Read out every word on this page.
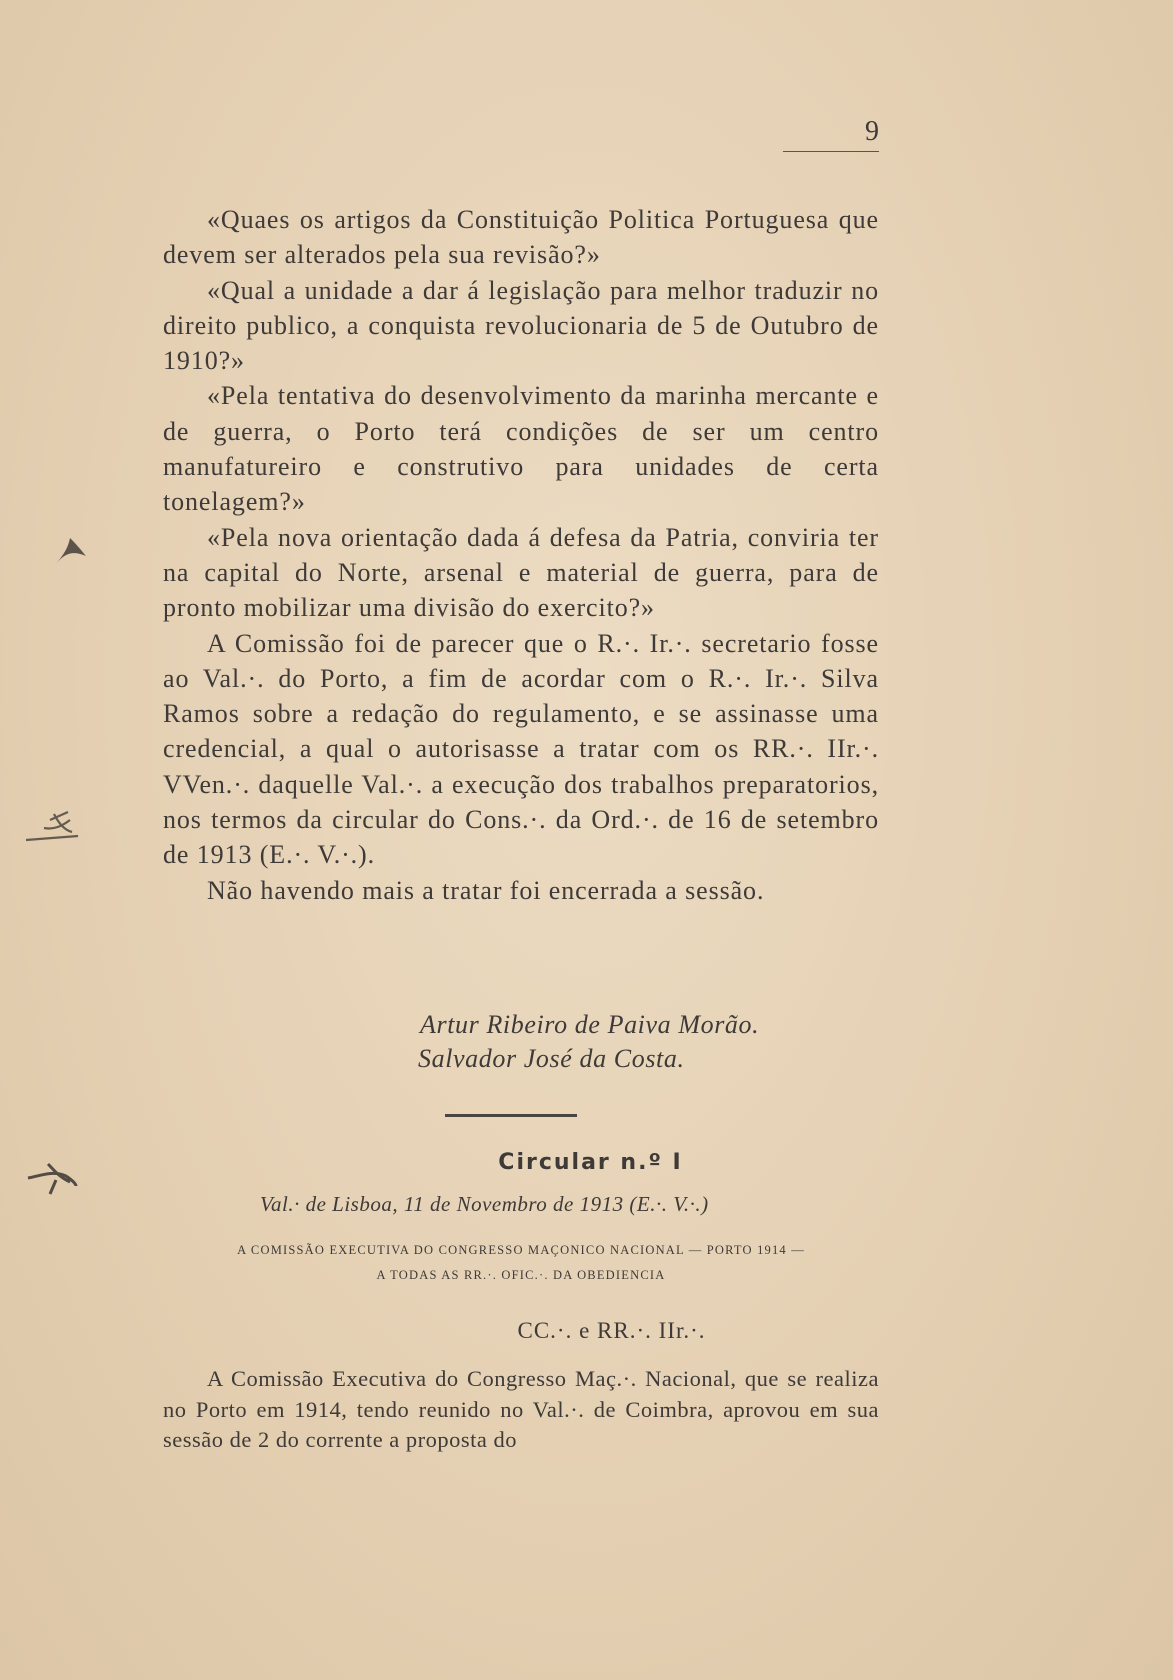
9

«Quaes os artigos da Constituição Politica Portuguesa que devem ser alterados pela sua revisão?»

«Qual a unidade a dar á legislação para melhor traduzir no direito publico, a conquista revolucionaria de 5 de Outubro de 1910?»

«Pela tentativa do desenvolvimento da marinha mercante e de guerra, o Porto terá condições de ser um centro manufatureiro e construtivo para unidades de certa tonelagem?»

«Pela nova orientação dada á defesa da Patria, conviria ter na capital do Norte, arsenal e material de guerra, para de pronto mobilizar uma divisão do exercito?»

A Comissão foi de parecer que o R.·. Ir.·. secretario fosse ao Val.·. do Porto, a fim de acordar com o R.·. Ir.·. Silva Ramos sobre a redação do regulamento, e se assinasse uma credencial, a qual o autorisasse a tratar com os RR.·. IIr.·. VVen.·. daquelle Val.·. a execução dos trabalhos preparatorios, nos termos da circular do Cons.·. da Ord.·. de 16 de setembro de 1913 (E.·. V.·.).

Não havendo mais a tratar foi encerrada a sessão.

Artur Ribeiro de Paiva Morão.
Salvador José da Costa.
Circular n.º I
Val.· de Lisboa, 11 de Novembro de 1913 (E.·. V.·.)
A COMISSÃO EXECUTIVA DO CONGRESSO MAÇONICO NACIONAL — PORTO 1914 —
A TODAS AS RR.·. OFIC.·. DA OBEDIENCIA
CC.·. e RR.·. IIr.·.

A Comissão Executiva do Congresso Maç.·. Nacional, que se realiza no Porto em 1914, tendo reunido no Val.·. de Coimbra, aprovou em sua sessão de 2 do corrente a proposta do
